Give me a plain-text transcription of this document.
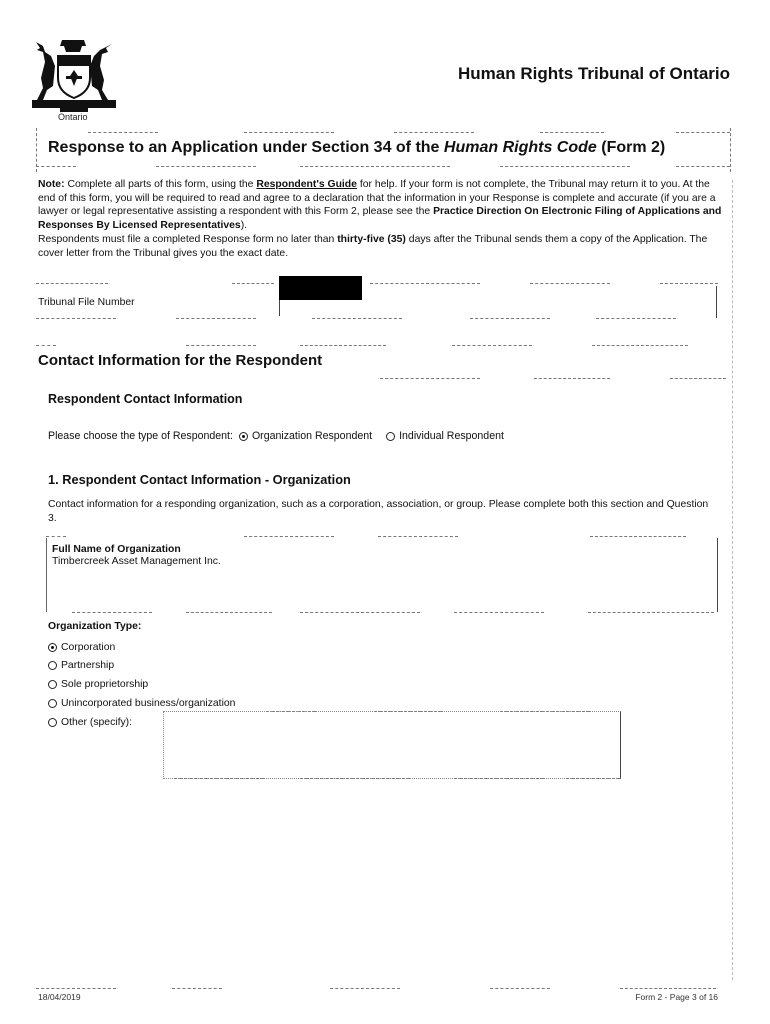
Ontario
Human Rights Tribunal of Ontario
Response to an Application under Section 34 of the Human Rights Code (Form 2)

Note: Complete all parts of this form, using the Respondent's Guide for help. If your form is not complete, the Tribunal may return it to you. At the end of this form, you will be required to read and agree to a declaration that the information in your Response is complete and accurate (if you are a lawyer or legal representative assisting a respondent with this Form 2, please see the Practice Direction On Electronic Filing of Applications and Responses By Licensed Representatives).

Respondents must file a completed Response form no later than thirty-five (35) days after the Tribunal sends them a copy of the Application. The cover letter from the Tribunal gives you the exact date.

Tribunal File Number
Contact Information for the Respondent
Respondent Contact Information
Please choose the type of Respondent: Organization Respondent	Individual Respondent
1. Respondent Contact Information - Organization
Contact information for a responding organization, such as a corporation, association, or group. Please complete both this section and Question 3.
Full Name of Organization
Timbercreek Asset Management Inc.
Organization Type:
Corporation
Partnership
Sole proprietorship
Unincorporated business/organization
Other (specify):
18/04/2019	Form 2 - Page 3 of 16
